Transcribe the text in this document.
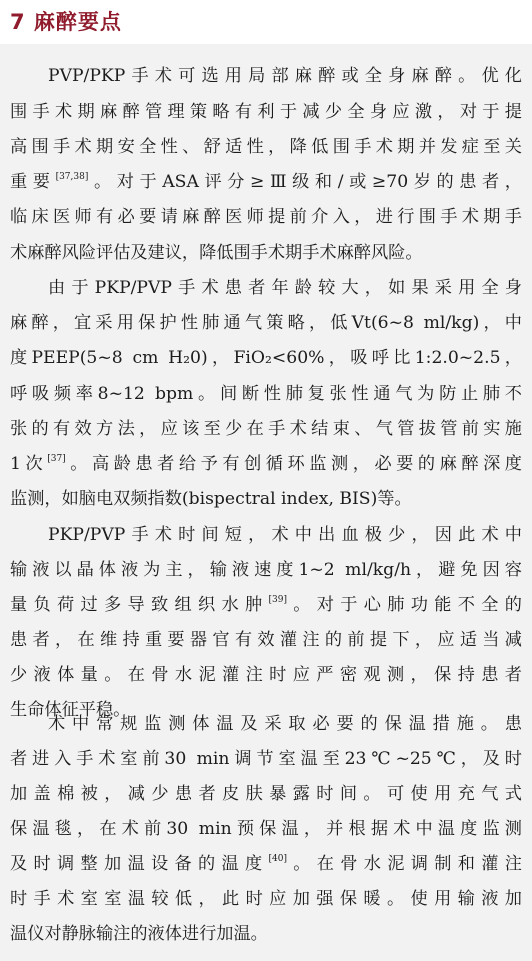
7 麻醉要点
PVP/PKP手术可选用局部麻醉或全身麻醉。优化
围手术期麻醉管理策略有利于减少全身应激，对于提
高围手术期安全性、舒适性，降低围手术期并发症至关
重要[37,38]。对于ASA评分≥Ⅲ级和/或≥70岁的患者，
临床医师有必要请麻醉医师提前介入，进行围手术期手
术麻醉风险评估及建议，降低围手术期手术麻醉风险。
由于PKP/PVP手术患者年龄较大，如果采用全身
麻醉，宜采用保护性肺通气策略，低Vt(6~8 ml/kg)，中
度PEEP(5~8 cm H₂0)，FiO₂<60%，吸呼比1:2.0~2.5，
呼吸频率8~12 bpm。间断性肺复张性通气为防止肺不
张的有效方法，应该至少在手术结束、气管拔管前实施
1次[37]。高龄患者给予有创循环监测，必要的麻醉深度
监测，如脑电双频指数(bispectral index, BIS)等。
PKP/PVP手术时间短，术中出血极少，因此术中
输液以晶体液为主，输液速度1~2 ml/kg/h，避免因容
量负荷过多导致组织水肿[39]。对于心肺功能不全的
患者，在维持重要器官有效灌注的前提下，应适当减
少液体量。在骨水泥灌注时应严密观测，保持患者
生命体征平稳。
术中常规监测体温及采取必要的保温措施。患
者进入手术室前30 min调节室温至23℃~25℃，及时
加盖棉被，减少患者皮肤暴露时间。可使用充气式
保温毯，在术前30 min预保温，并根据术中温度监测
及时调整加温设备的温度[40]。在骨水泥调制和灌注
时手术室室温较低，此时应加强保暖。使用输液加
温仪对静脉输注的液体进行加温。
